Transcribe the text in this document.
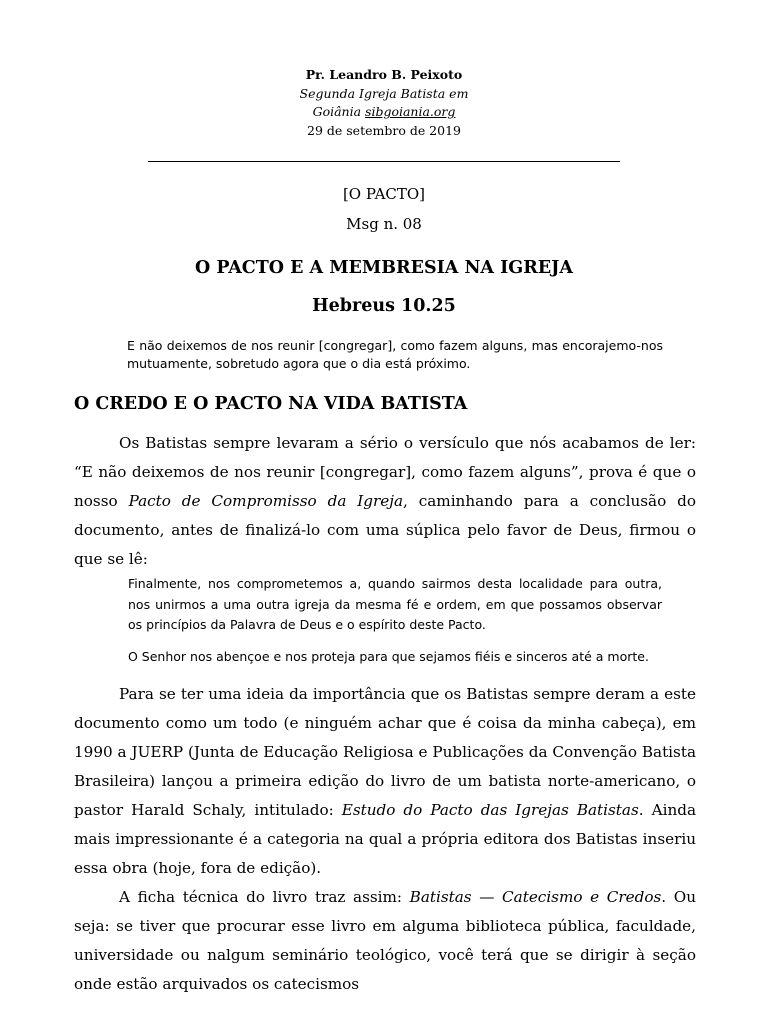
Pr. Leandro B. Peixoto
Segunda Igreja Batista em
Goiânia sibgoiania.org
29 de setembro de 2019
[O PACTO]
Msg n. 08
O PACTO E A MEMBRESIA NA IGREJA
Hebreus 10.25
E não deixemos de nos reunir [congregar], como fazem alguns, mas encorajemo-nos mutuamente, sobretudo agora que o dia está próximo.
O CREDO E O PACTO NA VIDA BATISTA

Os Batistas sempre levaram a sério o versículo que nós acabamos de ler: “E não deixemos de nos reunir [congregar], como fazem alguns”, prova é que o nosso Pacto de Compromisso da Igreja, caminhando para a conclusão do documento, antes de finalizá-lo com uma súplica pelo favor de Deus, firmou o que se lê:

Finalmente, nos comprometemos a, quando sairmos desta localidade para outra, nos unirmos a uma outra igreja da mesma fé e ordem, em que possamos observar os princípios da Palavra de Deus e o espírito deste Pacto.

O Senhor nos abençoe e nos proteja para que sejamos fiéis e sinceros até a morte.

Para se ter uma ideia da importância que os Batistas sempre deram a este documento como um todo (e ninguém achar que é coisa da minha cabeça), em 1990 a JUERP (Junta de Educação Religiosa e Publicações da Convenção Batista Brasileira) lançou a primeira edição do livro de um batista norte-americano, o pastor Harald Schaly, intitulado: Estudo do Pacto das Igrejas Batistas. Ainda mais impressionante é a categoria na qual a própria editora dos Batistas inseriu essa obra (hoje, fora de edição).

A ficha técnica do livro traz assim: Batistas — Catecismo e Credos. Ou seja: se tiver que procurar esse livro em alguma biblioteca pública, faculdade, universidade ou nalgum seminário teológico, você terá que se dirigir à seção onde estão arquivados os catecismos
